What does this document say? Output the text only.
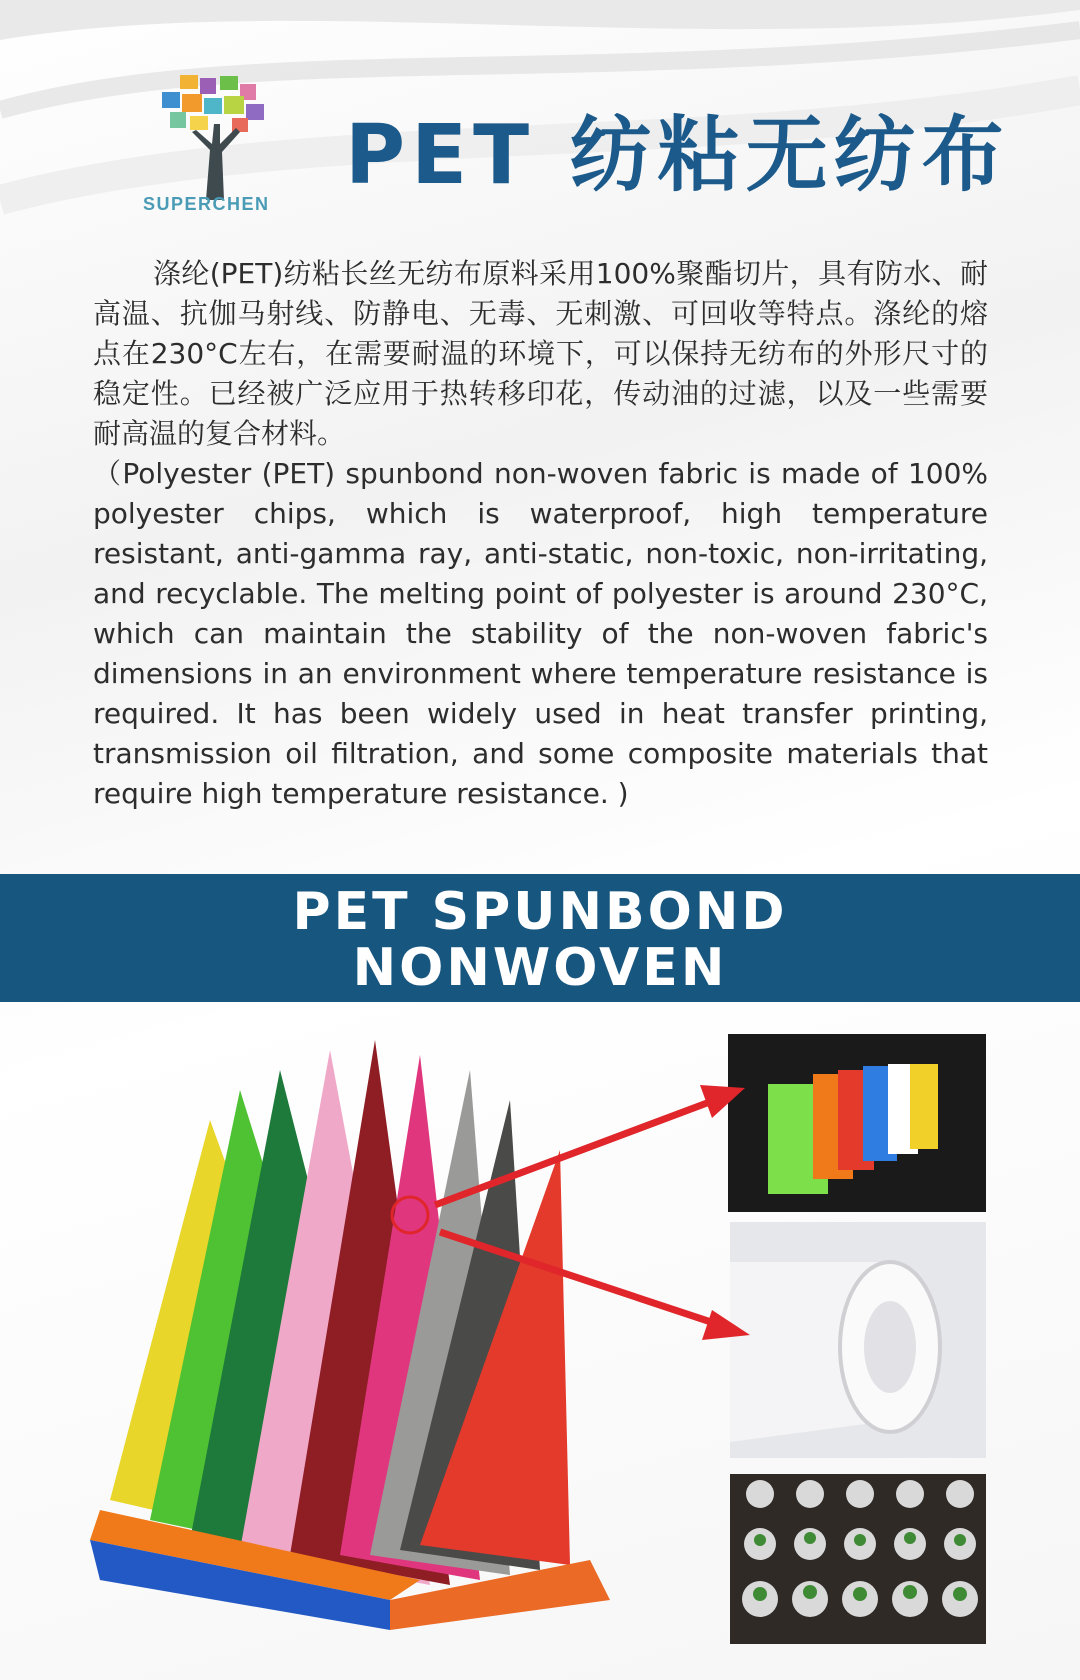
SUPERCHEN
PET 纺粘无纺布
涤纶(PET)纺粘长丝无纺布原料采用100%聚酯切片，具有防水、耐高温、抗伽马射线、防静电、无毒、无刺激、可回收等特点。涤纶的熔点在230°C左右，在需要耐温的环境下，可以保持无纺布的外形尺寸的稳定性。已经被广泛应用于热转移印花，传动油的过滤，以及一些需要耐高温的复合材料。
（Polyester (PET) spunbond non-woven fabric is made of 100% polyester chips, which is waterproof, high temperature resistant, anti-gamma ray, anti-static, non-toxic, non-irritating, and recyclable. The melting point of polyester is around 230°C, which can maintain the stability of the non-woven fabric's dimensions in an environment where temperature resistance is required. It has been widely used in heat transfer printing, transmission oil filtration, and some composite materials that require high temperature resistance. )
PET SPUNBOND
NONWOVEN
